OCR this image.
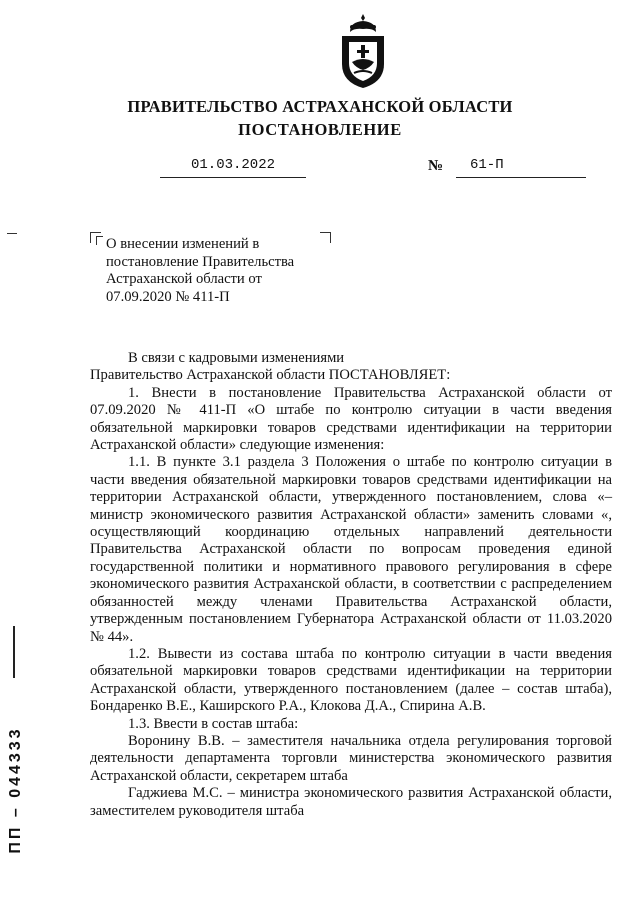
ПРАВИТЕЛЬСТВО АСТРАХАНСКОЙ ОБЛАСТИ
ПОСТАНОВЛЕНИЕ
01.03.2022	№	61-П

О внесении изменений в постановление Правительства Астраханской области от 07.09.2020 № 411-П

В связи с кадровыми изменениями

Правительство Астраханской области ПОСТАНОВЛЯЕТ:

1. Внести в постановление Правительства Астраханской области от 07.09.2020 № 411-П «О штабе по контролю ситуации в части введения обязательной маркировки товаров средствами идентификации на территории Астраханской области» следующие изменения:

1.1. В пункте 3.1 раздела 3 Положения о штабе по контролю ситуации в части введения обязательной маркировки товаров средствами идентификации на территории Астраханской области, утвержденного постановлением, слова «– министр экономического развития Астраханской области» заменить словами «, осуществляющий координацию отдельных направлений деятельности Правительства Астраханской области по вопросам проведения единой государственной политики и нормативного правового регулирования в сфере экономического развития Астраханской области, в соответствии с распределением обязанностей между членами Правительства Астраханской области, утвержденным постановлением Губернатора Астраханской области от 11.03.2020 № 44».

1.2. Вывести из состава штаба по контролю ситуации в части введения обязательной маркировки товаров средствами идентификации на территории Астраханской области, утвержденного постановлением (далее – состав штаба), Бондаренко В.Е., Каширского Р.А., Клокова Д.А., Спирина А.В.

1.3. Ввести в состав штаба:

Воронину В.В. – заместителя начальника отдела регулирования торговой деятельности департамента торговли министерства экономического развития Астраханской области, секретарем штаба

Гаджиева М.С. – министра экономического развития Астраханской области, заместителем руководителя штаба

ПП – 044333
